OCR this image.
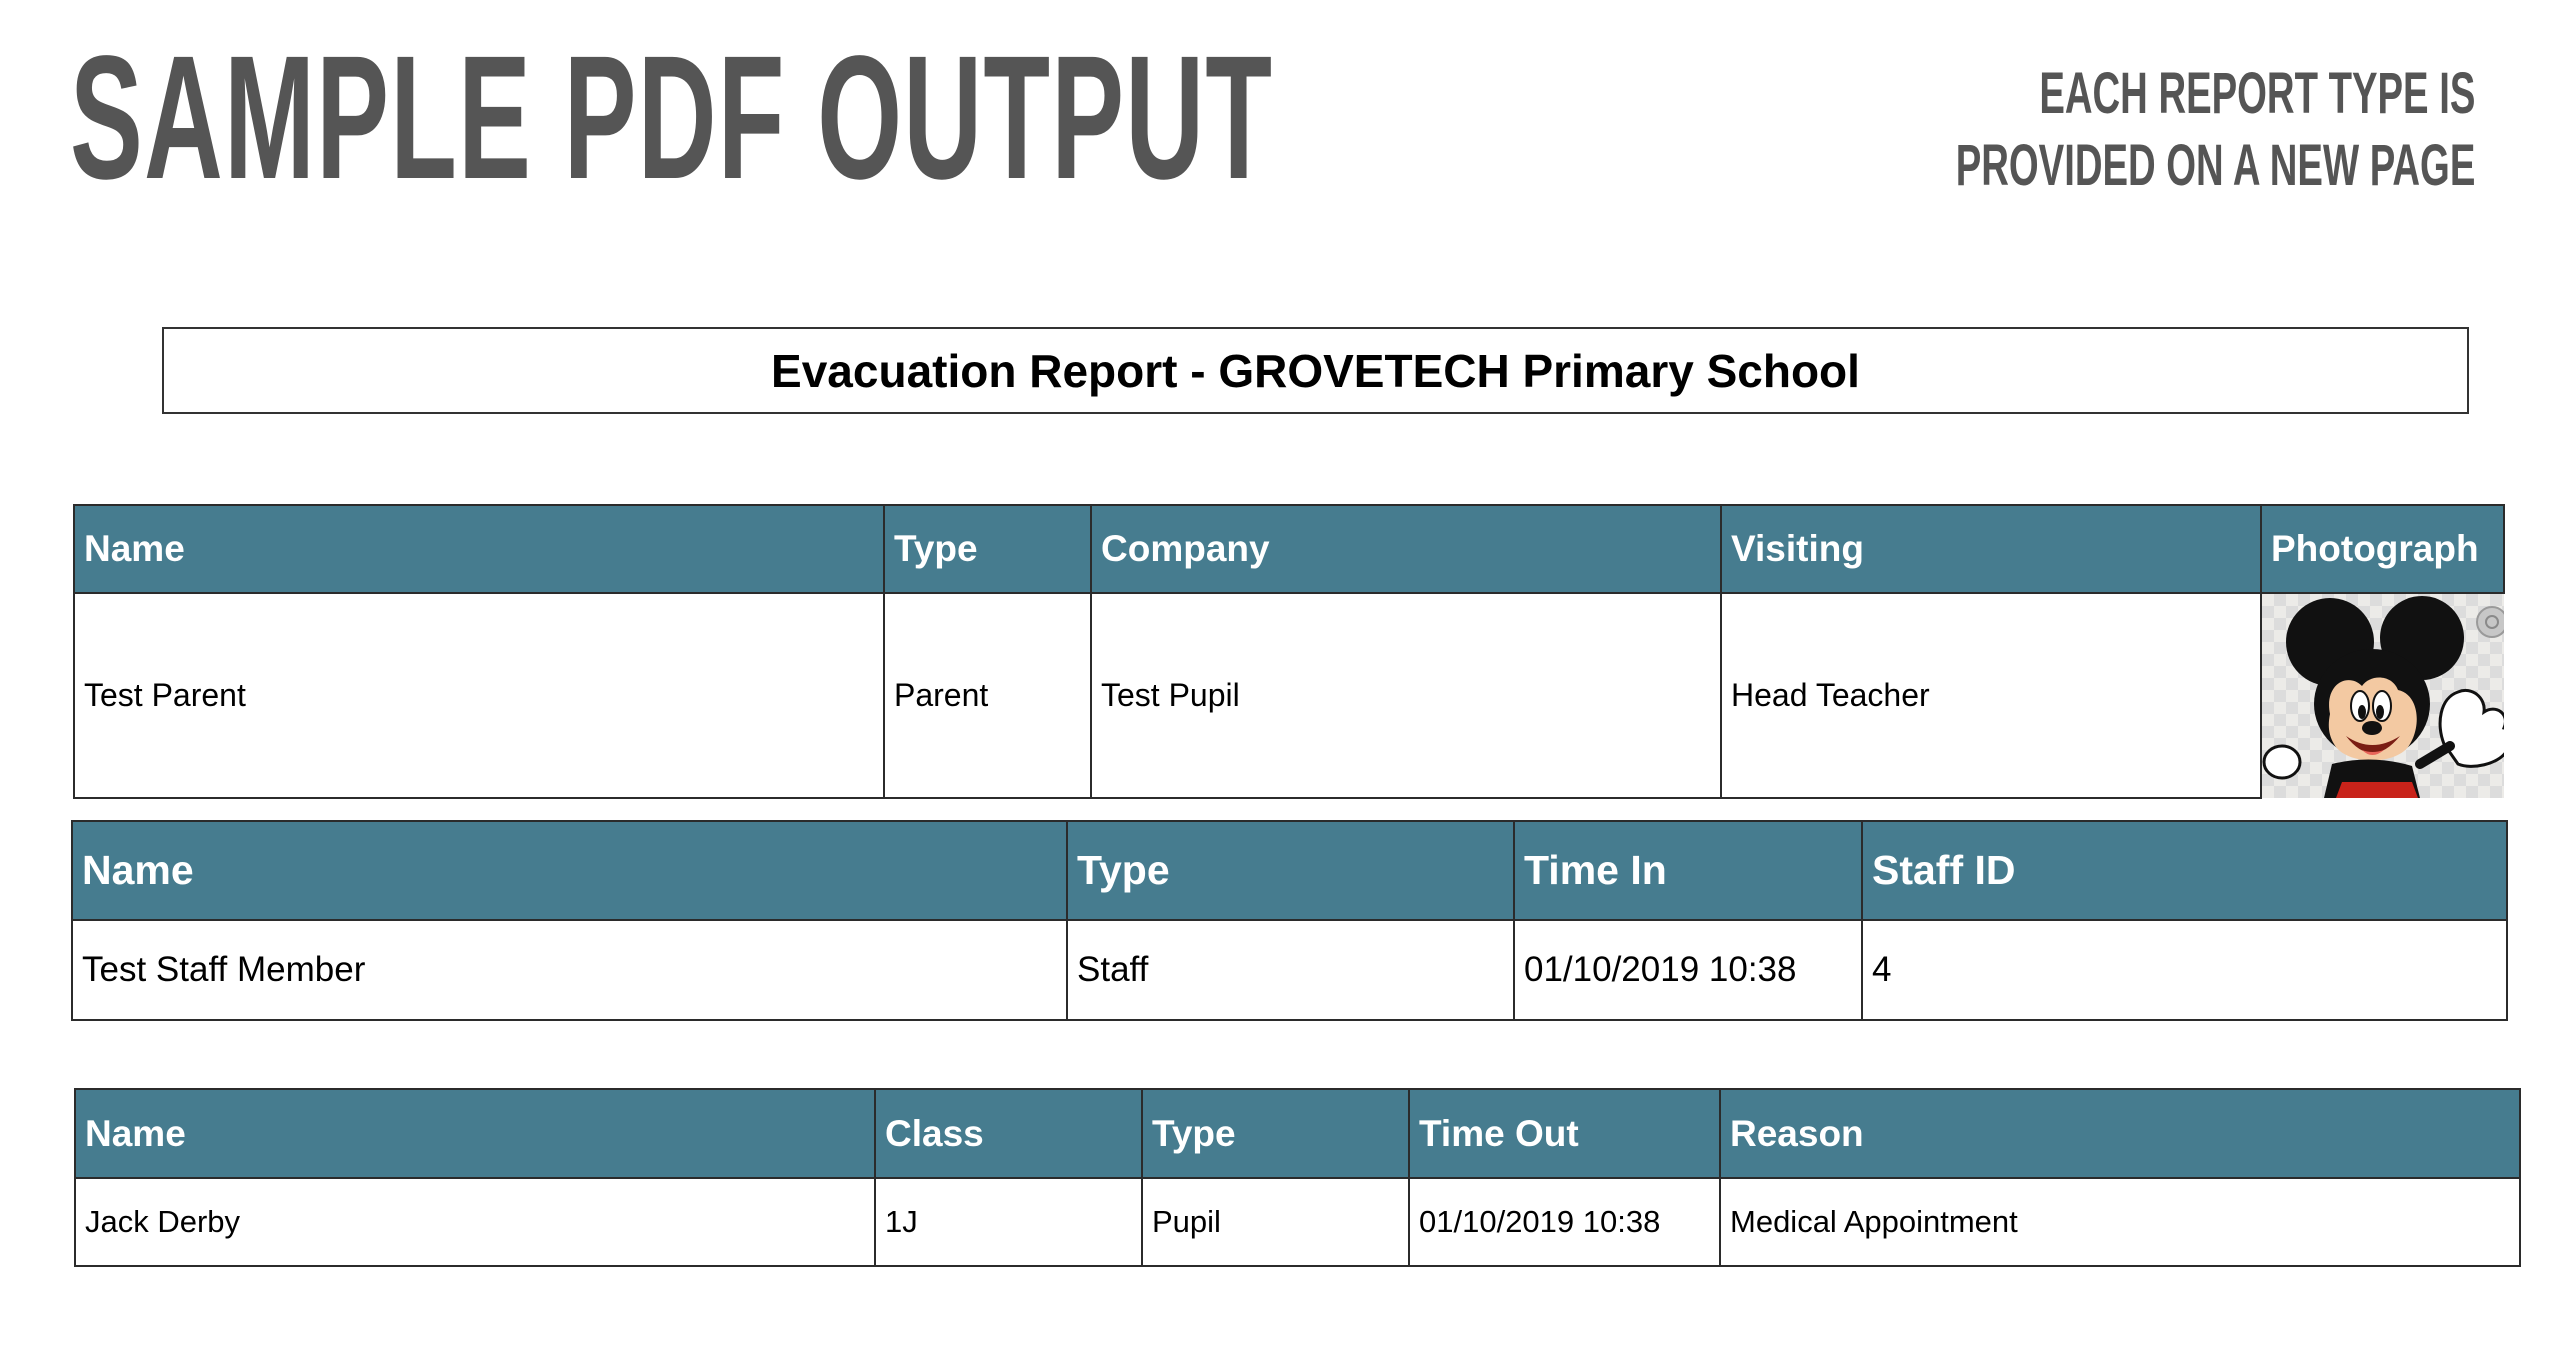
SAMPLE PDF OUTPUT	EACH REPORT TYPE IS
PROVIDED ON A NEW PAGE
Evacuation Report - GROVETECH Primary School
Name	Type	Company	Visiting	Photograph
Test Parent	Parent	Test Pupil	Head Teacher	
Name	Type	Time In	Staff ID
Test Staff Member	Staff	01/10/2019 10:38	4
Name	Class	Type	Time Out	Reason
Jack Derby	1J	Pupil	01/10/2019 10:38	Medical Appointment
